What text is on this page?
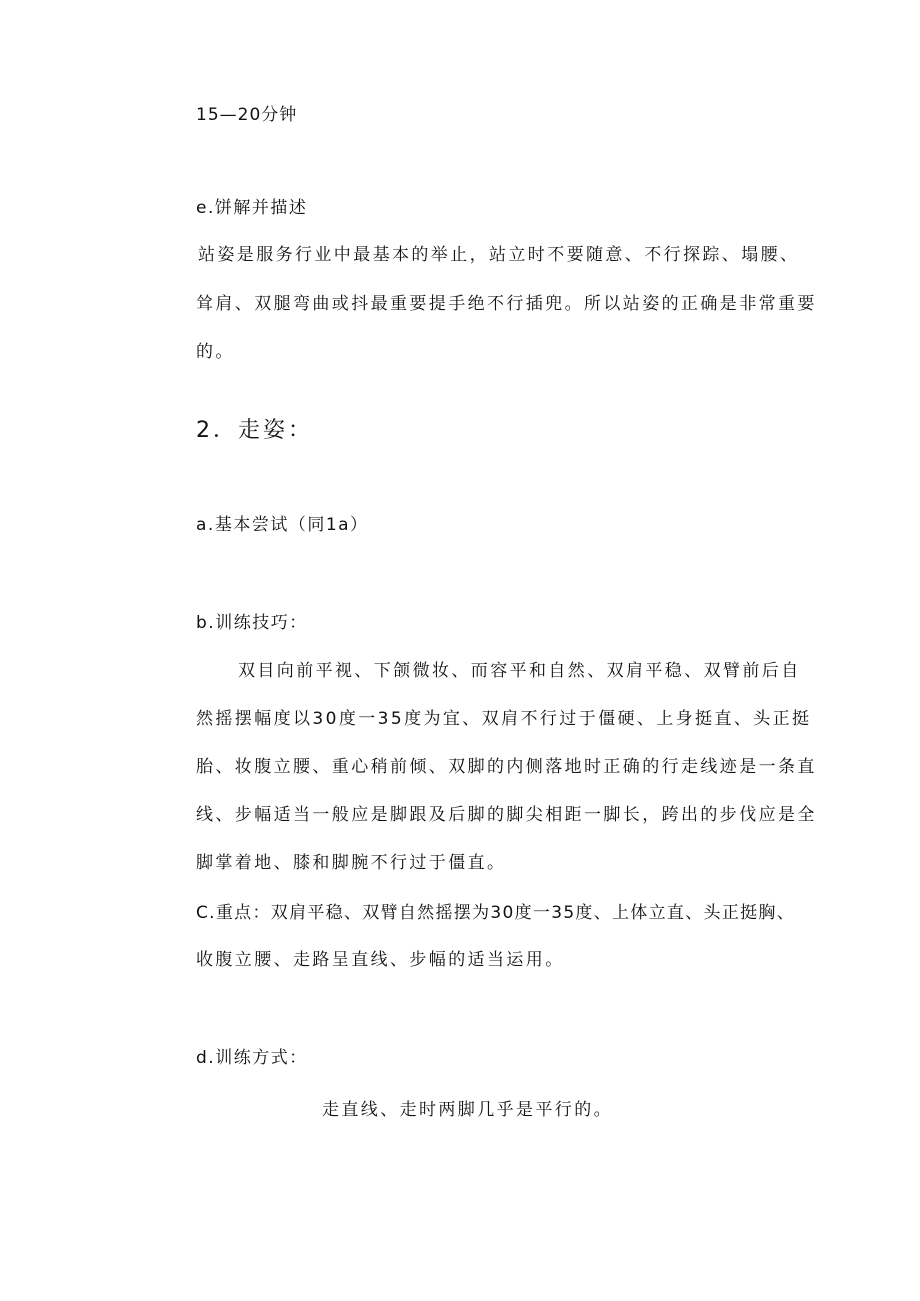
15—20分钟

e.饼解并描述

站姿是服务行业中最基本的举止，站立时不要随意、不行探踪、塌腰、

耸肩、双腿弯曲或抖最重要提手绝不行插兜。所以站姿的正确是非常重要

的。

2．走姿：

a.基本尝试（同1a）

b.训练技巧：

双目向前平视、下颌微妆、而容平和自然、双肩平稳、双臂前后自

然摇摆幅度以30度一35度为宜、双肩不行过于僵硬、上身挺直、头正挺

胎、妆腹立腰、重心稍前倾、双脚的内侧落地时正确的行走线迹是一条直

线、步幅适当一般应是脚跟及后脚的脚尖相距一脚长，跨出的步伐应是全

脚掌着地、膝和脚腕不行过于僵直。

C.重点：双肩平稳、双臂自然摇摆为30度一35度、上体立直、头正挺胸、

收腹立腰、走路呈直线、步幅的适当运用。

d.训练方式：

走直线、走时两脚几乎是平行的。
